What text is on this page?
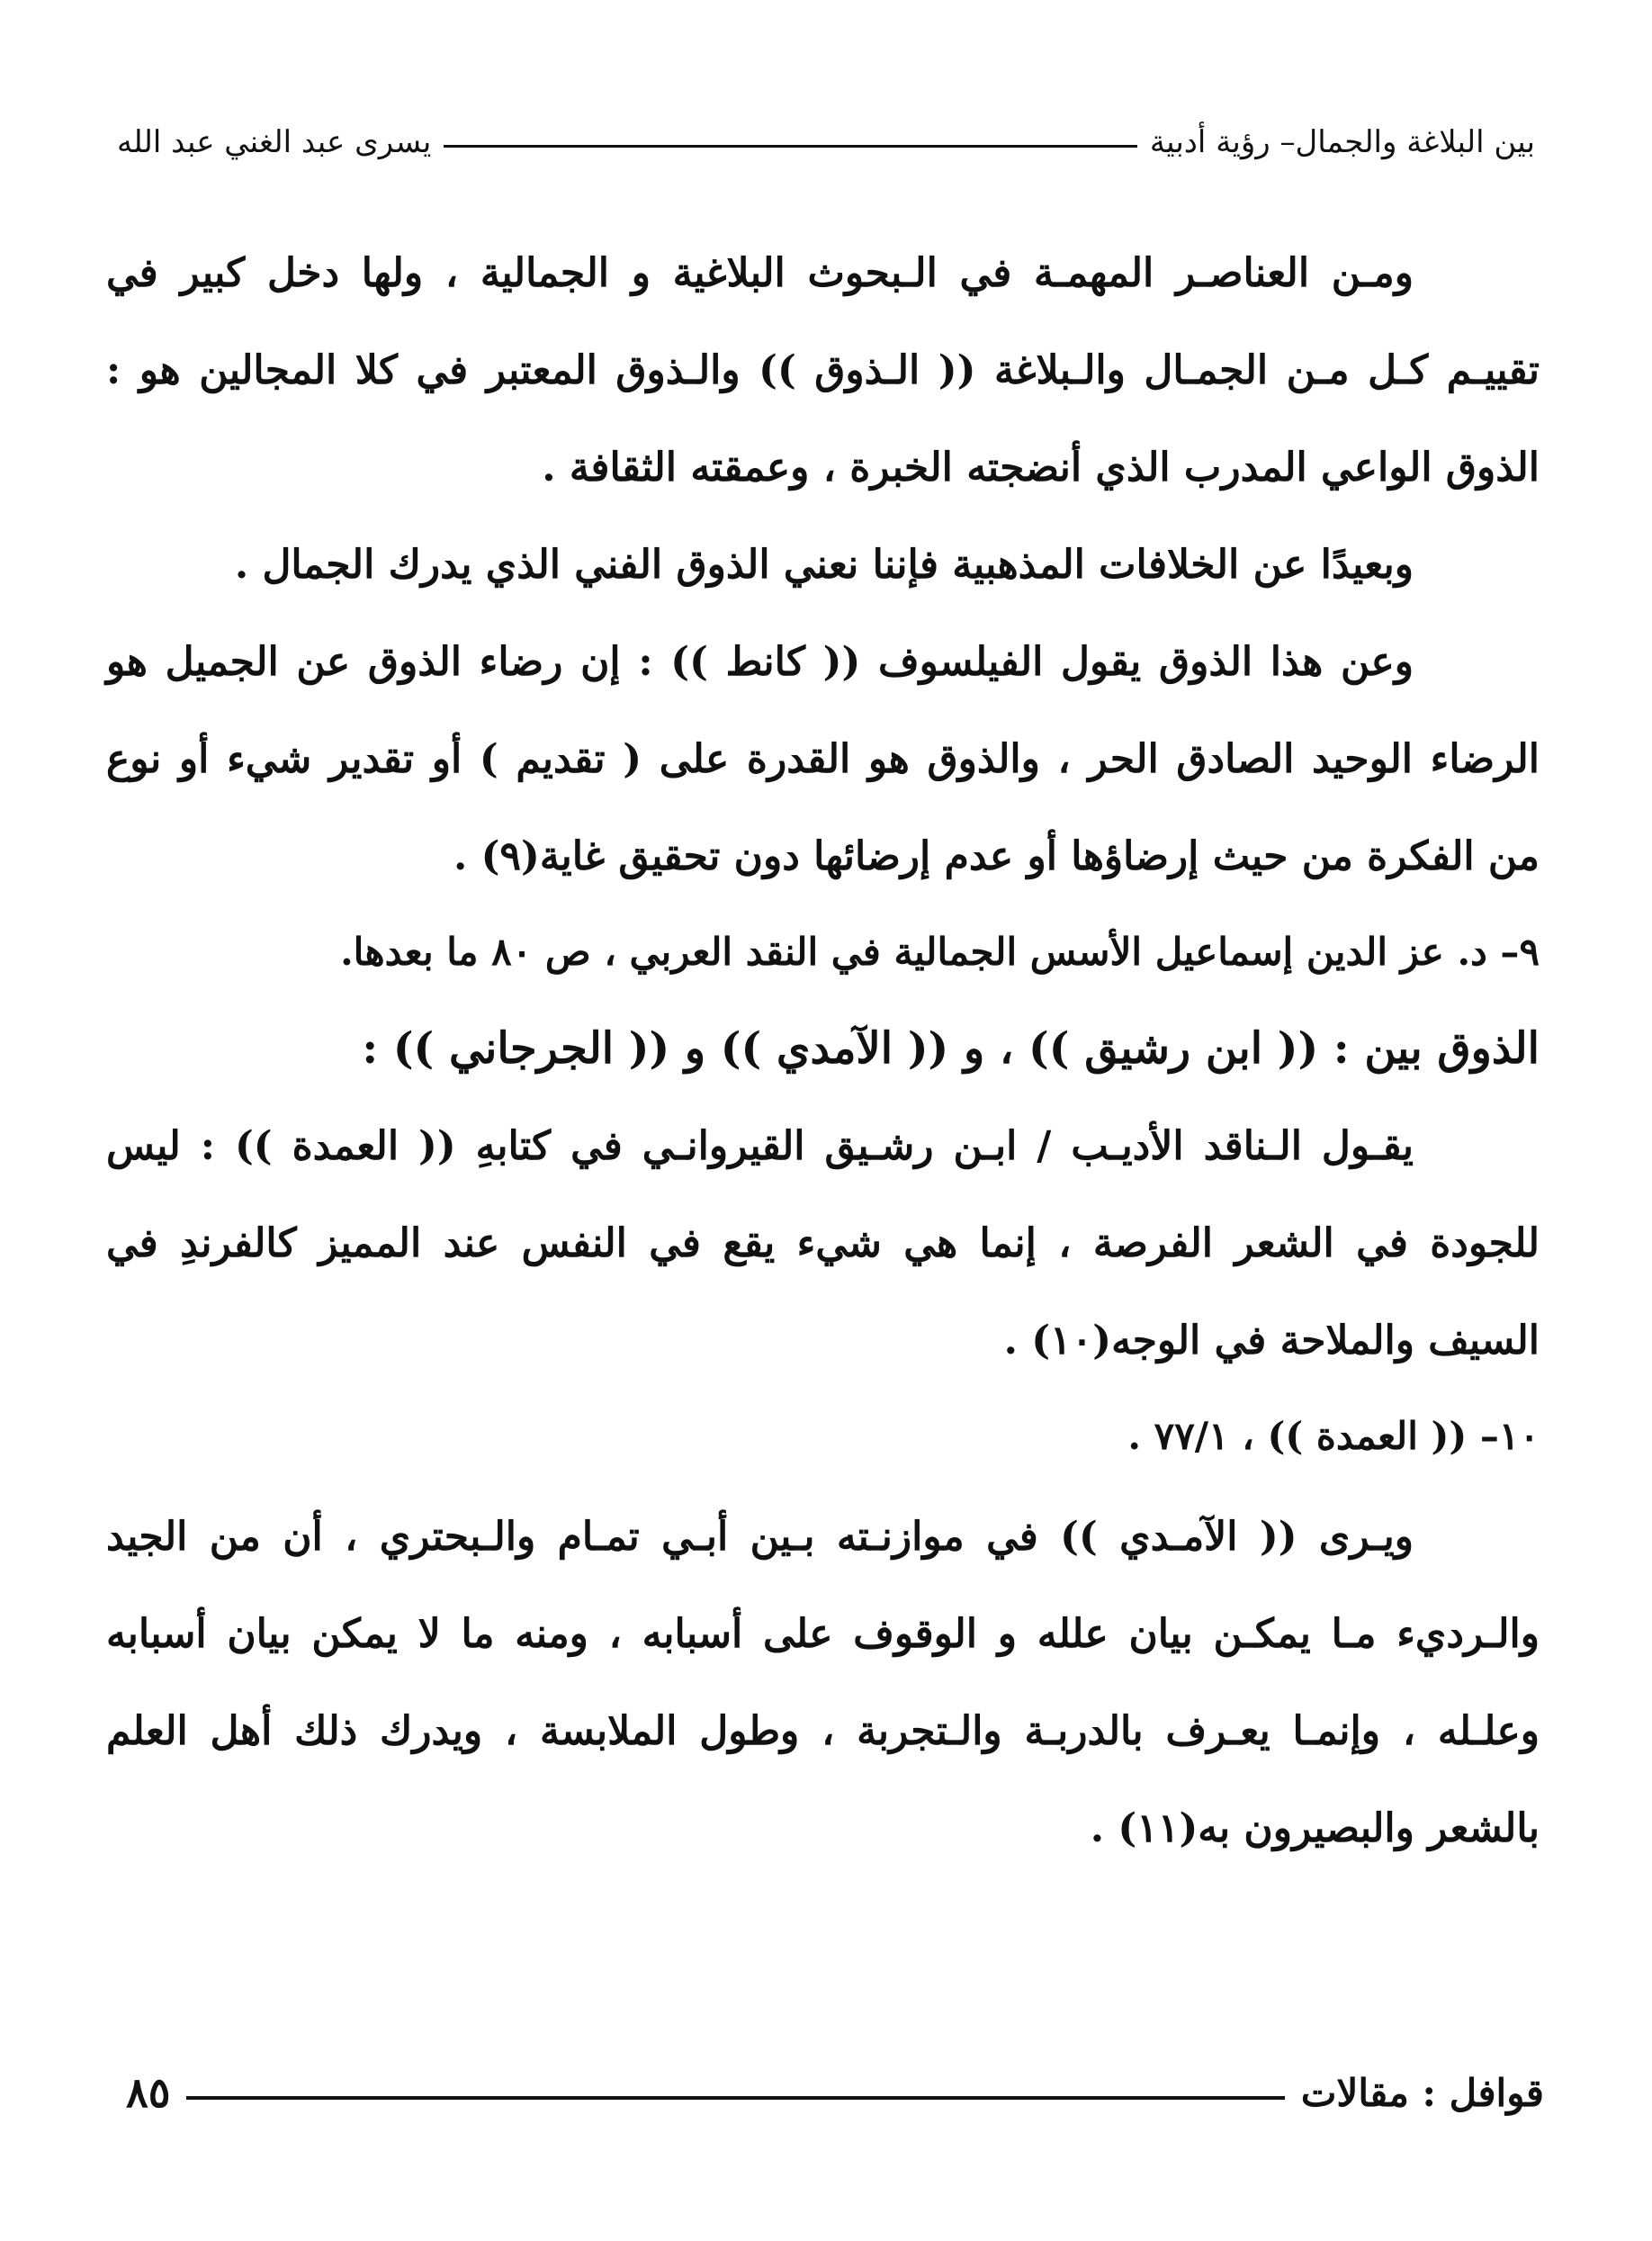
بين البلاغة والجمال– رؤية أدبية
يسرى عبد الغني عبد الله

ومـن العناصـر المهمـة في الـبحوث البلاغية و الجمالية ، ولها دخل كبير في تقييـم كـل مـن الجمـال والـبلاغة (( الـذوق )) والـذوق المعتبر في كلا المجالين هو : الذوق الواعي المدرب الذي أنضجته الخبرة ، وعمقته الثقافة .

وبعيدًا عن الخلافات المذهبية فإننا نعني الذوق الفني الذي يدرك الجمال .

وعن هذا الذوق يقول الفيلسوف (( كانط )) : إن رضاء الذوق عن الجميل هو الرضاء الوحيد الصادق الحر ، والذوق هو القدرة على ( تقديم ) أو تقدير شيء أو نوع من الفكرة من حيث إرضاؤها أو عدم إرضائها دون تحقيق غاية(٩) .

٩– د. عز الدين إسماعيل الأسس الجمالية في النقد العربي ، ص ٨٠ ما بعدها.

الذوق بين : (( ابن رشيق )) ، و (( الآمدي )) و (( الجرجاني )) :

يقـول الـناقد الأديـب / ابـن رشـيق القيروانـي في كتابهِ (( العمدة )) : ليس للجودة في الشعر الفرصة ، إنما هي شيء يقع في النفس عند المميز كالفرندِ في السيف والملاحة في الوجه(١٠) .

١٠– (( العمدة )) ، ٧٧/١ .

ويـرى (( الآمـدي )) في موازنـته بـين أبـي تمـام والـبحتري ، أن من الجيد والـرديء مـا يمكـن بيان علله و الوقوف على أسبابه ، ومنه ما لا يمكن بيان أسبابه وعلـله ، وإنمـا يعـرف بالدربـة والـتجربة ، وطول الملابسة ، ويدرك ذلك أهل العلم بالشعر والبصيرون به(١١) .

قوافل : مقالات
٨٥
